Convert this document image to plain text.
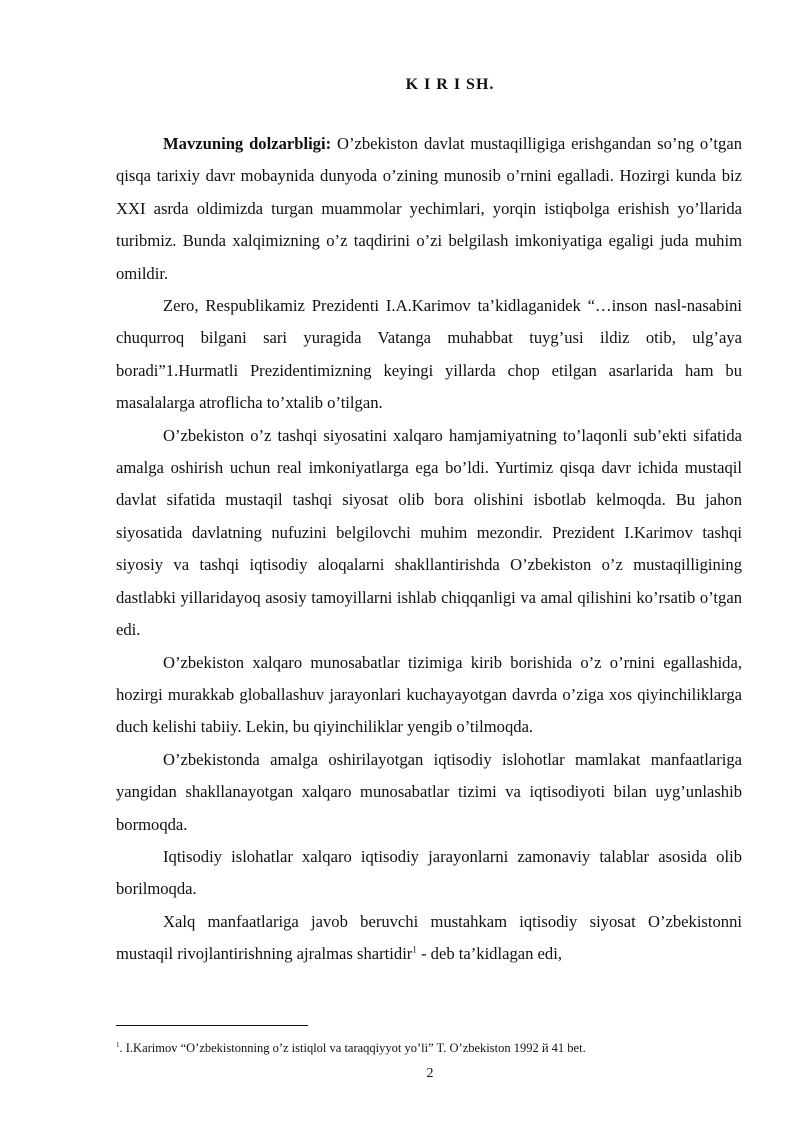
K I R I SH.

Mavzuning dolzarbligi: O’zbekiston davlat mustaqilligiga erishgandan so’ng o’tgan qisqa tarixiy davr mobaynida dunyoda o’zining munosib o’rnini egalladi. Hozirgi kunda biz XXI asrda oldimizda turgan muammolar yechimlari, yorqin istiqbolga erishish yo’llarida turibmiz. Bunda xalqimizning o’z taqdirini o’zi belgilash imkoniyatiga egaligi juda muhim omildir.

Zero, Respublikamiz Prezidenti I.A.Karimov ta’kidlaganidek “…inson nasl-nasabini chuqurroq bilgani sari yuragida Vatanga muhabbat tuyg’usi ildiz otib, ulg’aya boradi”1.Hurmatli Prezidentimizning keyingi yillarda chop etilgan asarlarida ham bu masalalarga atroflicha to’xtalib o’tilgan.

O’zbekiston o’z tashqi siyosatini xalqaro hamjamiyatning to’laqonli sub’ekti sifatida amalga oshirish uchun real imkoniyatlarga ega bo’ldi. Yurtimiz qisqa davr ichida mustaqil davlat sifatida mustaqil tashqi siyosat olib bora olishini isbotlab kelmoqda. Bu jahon siyosatida davlatning nufuzini belgilovchi muhim mezondir. Prezident I.Karimov tashqi siyosiy va tashqi iqtisodiy aloqalarni shakllantirishda O’zbekiston o’z mustaqilligining dastlabki yillaridayoq asosiy tamoyillarni ishlab chiqqanligi va amal qilishini ko’rsatib o’tgan edi.

O’zbekiston xalqaro munosabatlar tizimiga kirib borishida o’z o’rnini egallashida, hozirgi murakkab globallashuv jarayonlari kuchayayotgan davrda o’ziga xos qiyinchiliklarga duch kelishi tabiiy. Lekin, bu qiyinchiliklar yengib o’tilmoqda.

O’zbekistonda amalga oshirilayotgan iqtisodiy islohotlar mamlakat manfaatlariga yangidan shakllanayotgan xalqaro munosabatlar tizimi va iqtisodiyoti bilan uyg’unlashib bormoqda.

Iqtisodiy islohatlar xalqaro iqtisodiy jarayonlarni zamonaviy talablar asosida olib borilmoqda.

Xalq manfaatlariga javob beruvchi mustahkam iqtisodiy siyosat O’zbekistonni mustaqil rivojlantirishning ajralmas shartidir$^1$ - deb ta’kidlagan edi,

$^1$. I.Karimov “O’zbekistonning o’z istiqlol va taraqqiyyot yo’li” T. O’zbekiston 1992 й 41 bet.
2
